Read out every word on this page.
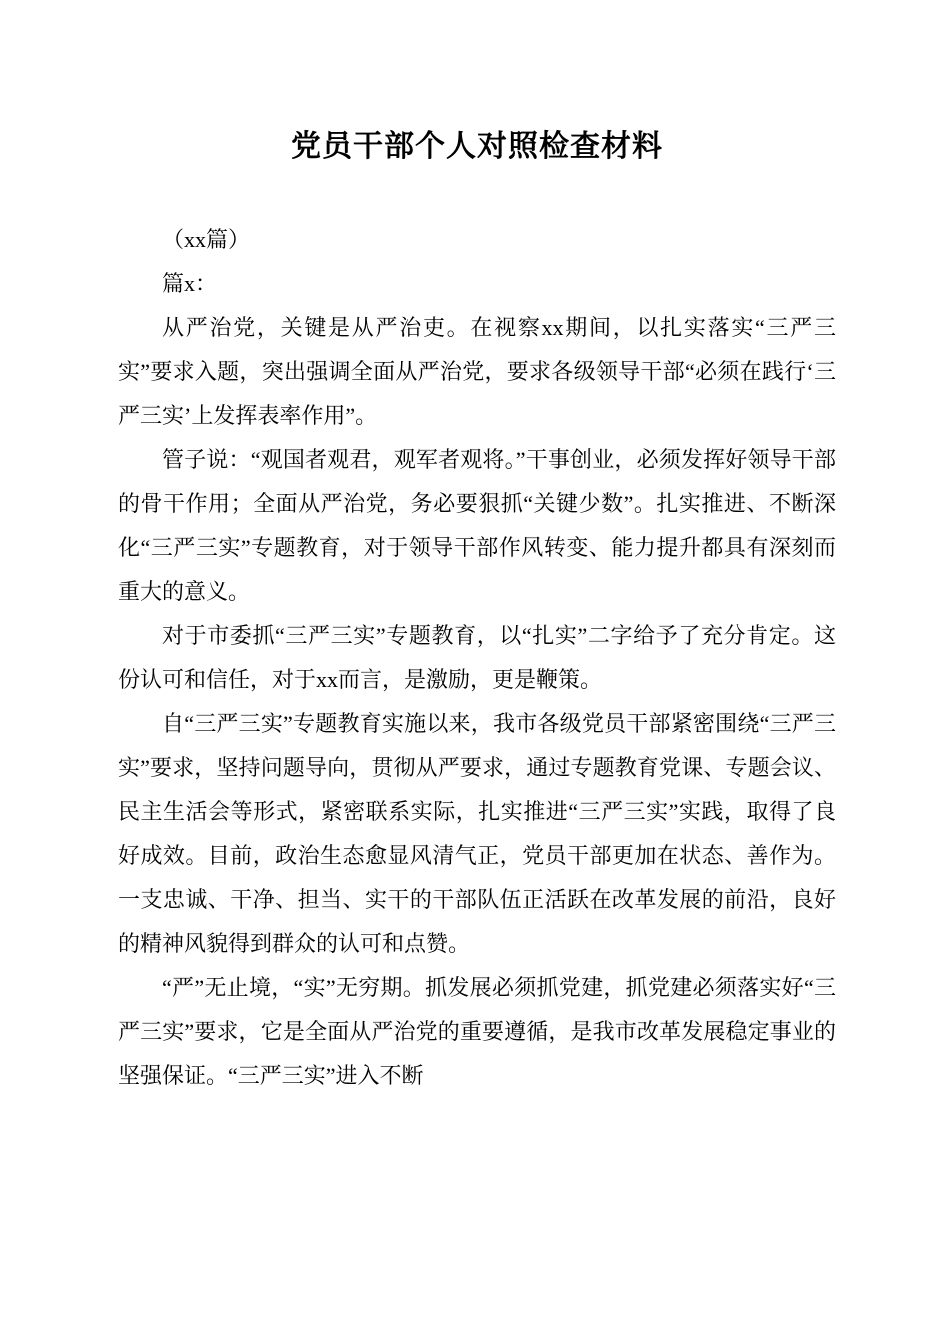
党员干部个人对照检查材料

（xx篇）

篇x：

从严治党，关键是从严治吏。在视察xx期间，以扎实落实“三严三实”要求入题，突出强调全面从严治党，要求各级领导干部“必须在践行‘三严三实’上发挥表率作用”。

管子说：“观国者观君，观军者观将。”干事创业，必须发挥好领导干部的骨干作用；全面从严治党，务必要狠抓“关键少数”。扎实推进、不断深化“三严三实”专题教育，对于领导干部作风转变、能力提升都具有深刻而重大的意义。

对于市委抓“三严三实”专题教育，以“扎实”二字给予了充分肯定。这份认可和信任，对于xx而言，是激励，更是鞭策。

自“三严三实”专题教育实施以来，我市各级党员干部紧密围绕“三严三实”要求，坚持问题导向，贯彻从严要求，通过专题教育党课、专题会议、民主生活会等形式，紧密联系实际，扎实推进“三严三实”实践，取得了良好成效。目前，政治生态愈显风清气正，党员干部更加在状态、善作为。一支忠诚、干净、担当、实干的干部队伍正活跃在改革发展的前沿，良好的精神风貌得到群众的认可和点赞。

“严”无止境，“实”无穷期。抓发展必须抓党建，抓党建必须落实好“三严三实”要求，它是全面从严治党的重要遵循，是我市改革发展稳定事业的坚强保证。“三严三实”进入不断
